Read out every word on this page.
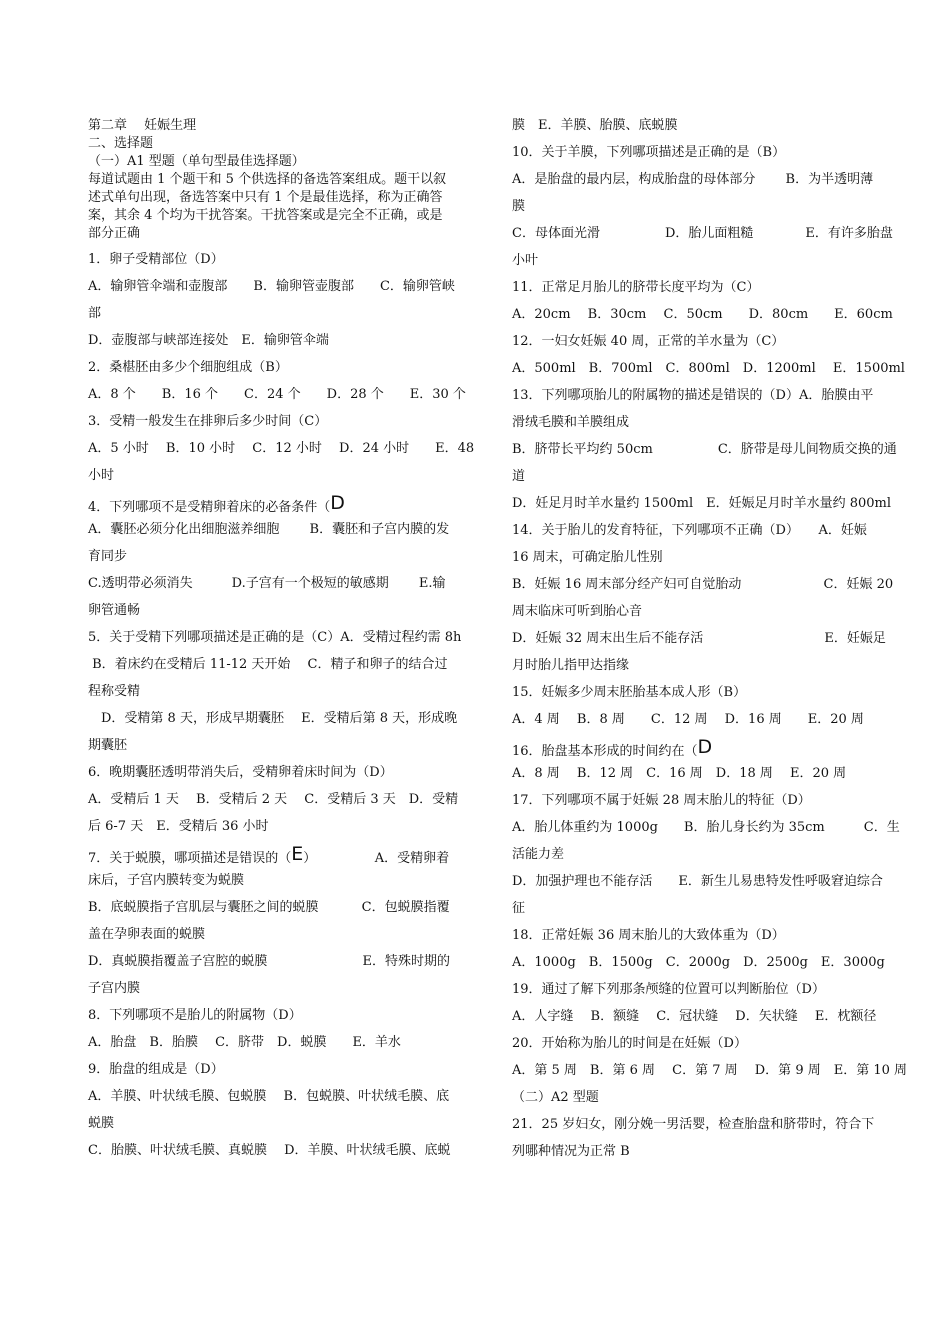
第二章　 妊娠生理
二、选择题
（一）A1 型题（单句型最佳选择题）
每道试题由 1 个题干和 5 个供选择的备选答案组成。题干以叙
述式单句出现，备选答案中只有 1 个是最佳选择，称为正确答
案，其余 4 个均为干扰答案。干扰答案或是完全不正确，或是
部分正确
1．卵子受精部位（D）
A．输卵管伞端和壶腹部　　B．输卵管壶腹部　　C．输卵管峡
部
D．壶腹部与峡部连接处　E．输卵管伞端
2．桑椹胚由多少个细胞组成（B）
A．8 个　　B．16 个　　C．24 个　　D．28 个　　E．30 个
3．受精一般发生在排卵后多少时间（C）
A．5 小时　 B．10 小时　 C．12 小时　 D．24 小时　　E．48
小时
4．下列哪项不是受精卵着床的必备条件（D
A．囊胚必须分化出细胞滋养细胞　　 B．囊胚和子宫内膜的发
育同步
C.透明带必须消失　　　D.子宫有一个极短的敏感期　　 E.输
卵管通畅
5．关于受精下列哪项描述是正确的是（C）A．受精过程约需 8h
B．着床约在受精后 11-12 天开始　 C．精子和卵子的结合过
程称受精
　D．受精第 8 天，形成早期囊胚　 E．受精后第 8 天，形成晚
期囊胚
6．晚期囊胚透明带消失后，受精卵着床时间为（D）
A．受精后 1 天　 B．受精后 2 天　 C．受精后 3 天　D．受精
后 6-7 天　E．受精后 36 小时
7．关于蜕膜，哪项描述是错误的（E）　　　　　A．受精卵着
床后，子宫内膜转变为蜕膜
B．底蜕膜指子宫肌层与囊胚之间的蜕膜　　　 C．包蜕膜指覆
盖在孕卵表面的蜕膜
D．真蜕膜指覆盖子宫腔的蜕膜　　　　　　　 E．特殊时期的
子宫内膜
8．下列哪项不是胎儿的附属物（D）
A．胎盘　B．胎膜　 C．脐带　D．蜕膜　　E．羊水
9．胎盘的组成是（D）
A．羊膜、叶状绒毛膜、包蜕膜　 B．包蜕膜、叶状绒毛膜、底
蜕膜
C．胎膜、叶状绒毛膜、真蜕膜　 D．羊膜、叶状绒毛膜、底蜕
膜　E．羊膜、胎膜、底蜕膜
10．关于羊膜，下列哪项描述是正确的是（B）
A．是胎盘的最内层，构成胎盘的母体部分　　 B．为半透明薄
膜
C．母体面光滑　　　　　D．胎儿面粗糙　　　　E．有许多胎盘
小叶
11．正常足月胎儿的脐带长度平均为（C）
A．20cm　 B．30cm　 C．50cm　　D．80cm　　E．60cm
12．一妇女妊娠 40 周，正常的羊水量为（C）
A．500ml　B．700ml　C．800ml　D．1200ml　 E．1500ml
13．下列哪项胎儿的附属物的描述是错误的（D）A．胎膜由平
滑绒毛膜和羊膜组成
B．脐带长平均约 50cm　　　　　C．脐带是母儿间物质交换的通
道
D．妊足月时羊水量约 1500ml　E．妊娠足月时羊水量约 800ml
14．关于胎儿的发育特征，下列哪项不正确（D）　　A．妊娠
16 周末，可确定胎儿性别
B．妊娠 16 周末部分经产妇可自觉胎动　　　　　　 C．妊娠 20
周末临床可听到胎心音
D．妊娠 32 周末出生后不能存活　　　　　　　　　 E．妊娠足
月时胎儿指甲达指缘
15．妊娠多少周末胚胎基本成人形（B）
A．4 周　 B．8 周　　C．12 周　 D．16 周　　E．20 周
16．胎盘基本形成的时间约在（D
A．8 周　 B．12 周　C．16 周　D．18 周　 E．20 周
17．下列哪项不属于妊娠 28 周末胎儿的特征（D）
A．胎儿体重约为 1000g　　B．胎儿身长约为 35cm　　　C．生
活能力差
D．加强护理也不能存活　　E．新生儿易患特发性呼吸窘迫综合
征
18．正常妊娠 36 周末胎儿的大致体重为（D）
A．1000g　B．1500g　C．2000g　D．2500g　E．3000g
19．通过了解下列那条颅缝的位置可以判断胎位（D）
A．人字缝　 B．额缝　 C．冠状缝　 D．矢状缝　 E．枕额径
20．开始称为胎儿的时间是在妊娠（D）
A．第 5 周　B．第 6 周　 C．第 7 周　 D．第 9 周　E．第 10 周
（二）A2 型题
21．25 岁妇女，刚分娩一男活婴，检查胎盘和脐带时，符合下
列哪种情况为正常 B
